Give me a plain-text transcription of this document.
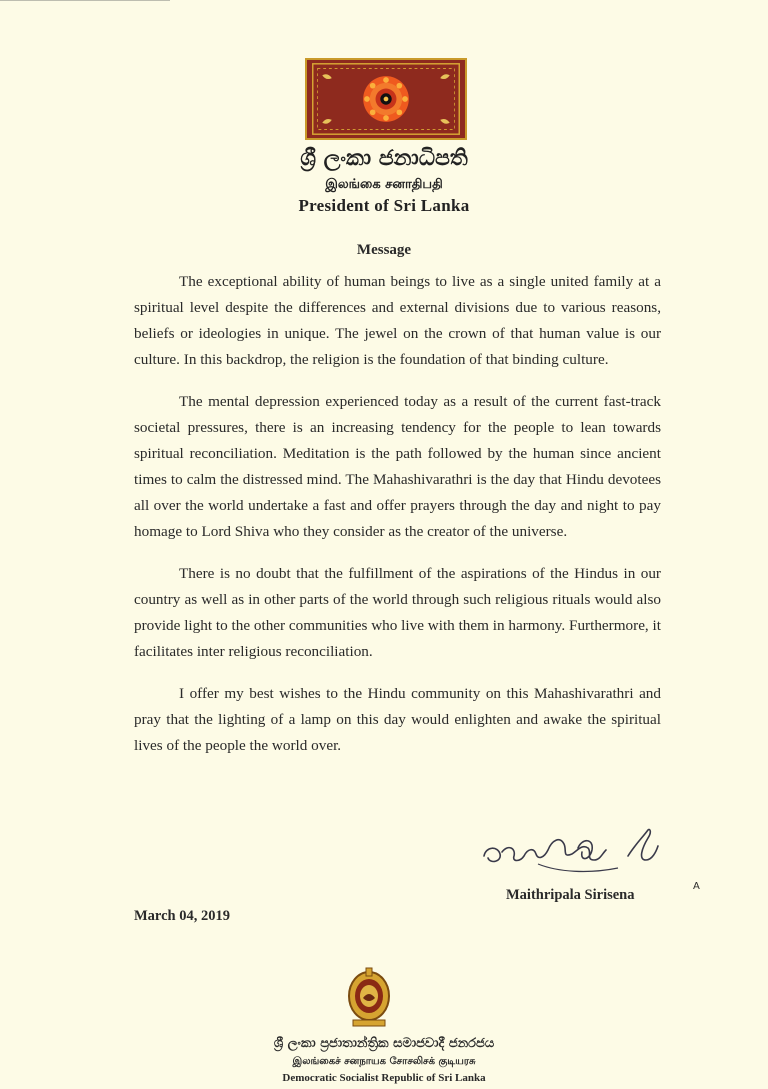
ශ්‍රී ලංකා ජනාධිපති
இலங்கை சனாதிபதி
President of Sri Lanka
Message

The exceptional ability of human beings to live as a single united family at a spiritual level despite the differences and external divisions due to various reasons, beliefs or ideologies in unique. The jewel on the crown of that human value is our culture. In this backdrop, the religion is the foundation of that binding culture.

The mental depression experienced today as a result of the current fast-track societal pressures, there is an increasing tendency for the people to lean towards spiritual reconciliation. Meditation is the path followed by the human since ancient times to calm the distressed mind. The Mahashivarathri is the day that Hindu devotees all over the world undertake a fast and offer prayers through the day and night to pay homage to Lord Shiva who they consider as the creator of the universe.

There is no doubt that the fulfillment of the aspirations of the Hindus in our country as well as in other parts of the world through such religious rituals would also provide light to the other communities who live with them in harmony. Furthermore, it facilitates inter religious reconciliation.

I offer my best wishes to the Hindu community on this Mahashivarathri and pray that the lighting of a lamp on this day would enlighten and awake the spiritual lives of the people the world over.

Maithripala Sirisena
A
March 04, 2019
ශ්‍රී ලංකා ප්‍රජාතාන්ත්‍රික සමාජවාදී ජනරජය
இலங்கைச் சனநாயக சோசலிசக் குடியரசு
Democratic Socialist Republic of Sri Lanka
